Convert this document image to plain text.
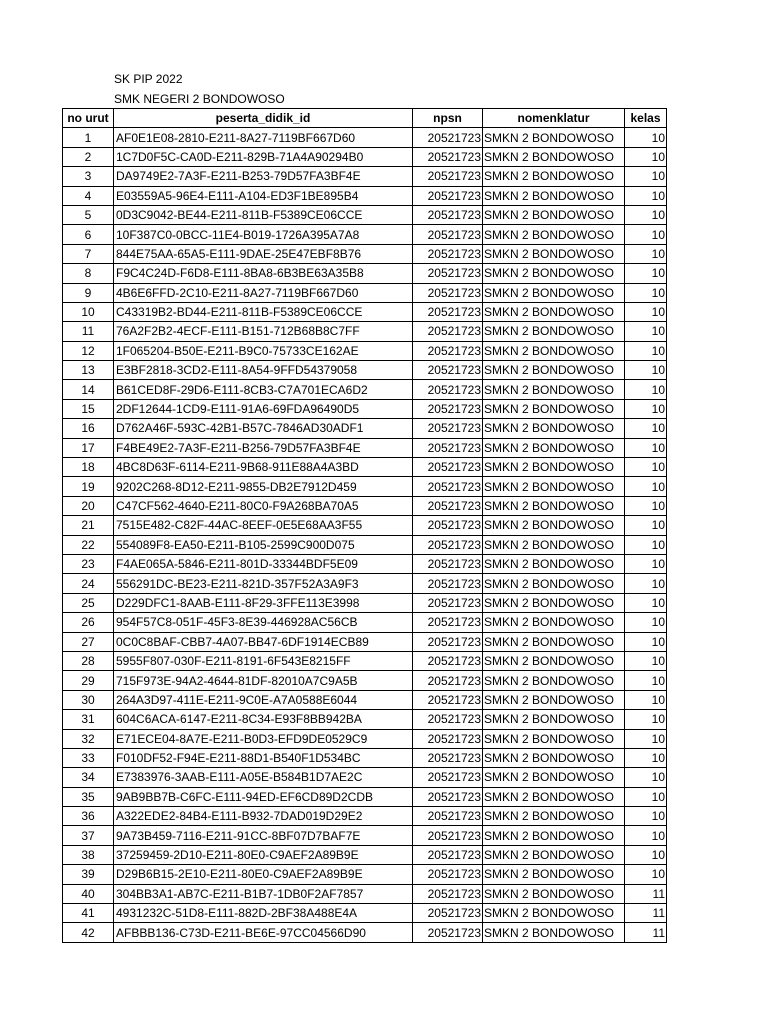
SK PIP 2022
SMK NEGERI 2 BONDOWOSO
no urut	peserta_didik_id	npsn	nomenklatur	kelas
1	AF0E1E08-2810-E211-8A27-7119BF667D60	20521723	SMKN 2 BONDOWOSO	10
2	1C7D0F5C-CA0D-E211-829B-71A4A90294B0	20521723	SMKN 2 BONDOWOSO	10
3	DA9749E2-7A3F-E211-B253-79D57FA3BF4E	20521723	SMKN 2 BONDOWOSO	10
4	E03559A5-96E4-E111-A104-ED3F1BE895B4	20521723	SMKN 2 BONDOWOSO	10
5	0D3C9042-BE44-E211-811B-F5389CE06CCE	20521723	SMKN 2 BONDOWOSO	10
6	10F387C0-0BCC-11E4-B019-1726A395A7A8	20521723	SMKN 2 BONDOWOSO	10
7	844E75AA-65A5-E111-9DAE-25E47EBF8B76	20521723	SMKN 2 BONDOWOSO	10
8	F9C4C24D-F6D8-E111-8BA8-6B3BE63A35B8	20521723	SMKN 2 BONDOWOSO	10
9	4B6E6FFD-2C10-E211-8A27-7119BF667D60	20521723	SMKN 2 BONDOWOSO	10
10	C43319B2-BD44-E211-811B-F5389CE06CCE	20521723	SMKN 2 BONDOWOSO	10
11	76A2F2B2-4ECF-E111-B151-712B68B8C7FF	20521723	SMKN 2 BONDOWOSO	10
12	1F065204-B50E-E211-B9C0-75733CE162AE	20521723	SMKN 2 BONDOWOSO	10
13	E3BF2818-3CD2-E111-8A54-9FFD54379058	20521723	SMKN 2 BONDOWOSO	10
14	B61CED8F-29D6-E111-8CB3-C7A701ECA6D2	20521723	SMKN 2 BONDOWOSO	10
15	2DF12644-1CD9-E111-91A6-69FDA96490D5	20521723	SMKN 2 BONDOWOSO	10
16	D762A46F-593C-42B1-B57C-7846AD30ADF1	20521723	SMKN 2 BONDOWOSO	10
17	F4BE49E2-7A3F-E211-B256-79D57FA3BF4E	20521723	SMKN 2 BONDOWOSO	10
18	4BC8D63F-6114-E211-9B68-911E88A4A3BD	20521723	SMKN 2 BONDOWOSO	10
19	9202C268-8D12-E211-9855-DB2E7912D459	20521723	SMKN 2 BONDOWOSO	10
20	C47CF562-4640-E211-80C0-F9A268BA70A5	20521723	SMKN 2 BONDOWOSO	10
21	7515E482-C82F-44AC-8EEF-0E5E68AA3F55	20521723	SMKN 2 BONDOWOSO	10
22	554089F8-EA50-E211-B105-2599C900D075	20521723	SMKN 2 BONDOWOSO	10
23	F4AE065A-5846-E211-801D-33344BDF5E09	20521723	SMKN 2 BONDOWOSO	10
24	556291DC-BE23-E211-821D-357F52A3A9F3	20521723	SMKN 2 BONDOWOSO	10
25	D229DFC1-8AAB-E111-8F29-3FFE113E3998	20521723	SMKN 2 BONDOWOSO	10
26	954F57C8-051F-45F3-8E39-446928AC56CB	20521723	SMKN 2 BONDOWOSO	10
27	0C0C8BAF-CBB7-4A07-BB47-6DF1914ECB89	20521723	SMKN 2 BONDOWOSO	10
28	5955F807-030F-E211-8191-6F543E8215FF	20521723	SMKN 2 BONDOWOSO	10
29	715F973E-94A2-4644-81DF-82010A7C9A5B	20521723	SMKN 2 BONDOWOSO	10
30	264A3D97-411E-E211-9C0E-A7A0588E6044	20521723	SMKN 2 BONDOWOSO	10
31	604C6ACA-6147-E211-8C34-E93F8BB942BA	20521723	SMKN 2 BONDOWOSO	10
32	E71ECE04-8A7E-E211-B0D3-EFD9DE0529C9	20521723	SMKN 2 BONDOWOSO	10
33	F010DF52-F94E-E211-88D1-B540F1D534BC	20521723	SMKN 2 BONDOWOSO	10
34	E7383976-3AAB-E111-A05E-B584B1D7AE2C	20521723	SMKN 2 BONDOWOSO	10
35	9AB9BB7B-C6FC-E111-94ED-EF6CD89D2CDB	20521723	SMKN 2 BONDOWOSO	10
36	A322EDE2-84B4-E111-B932-7DAD019D29E2	20521723	SMKN 2 BONDOWOSO	10
37	9A73B459-7116-E211-91CC-8BF07D7BAF7E	20521723	SMKN 2 BONDOWOSO	10
38	37259459-2D10-E211-80E0-C9AEF2A89B9E	20521723	SMKN 2 BONDOWOSO	10
39	D29B6B15-2E10-E211-80E0-C9AEF2A89B9E	20521723	SMKN 2 BONDOWOSO	10
40	304BB3A1-AB7C-E211-B1B7-1DB0F2AF7857	20521723	SMKN 2 BONDOWOSO	11
41	4931232C-51D8-E111-882D-2BF38A488E4A	20521723	SMKN 2 BONDOWOSO	11
42	AFBBB136-C73D-E211-BE6E-97CC04566D90	20521723	SMKN 2 BONDOWOSO	11
